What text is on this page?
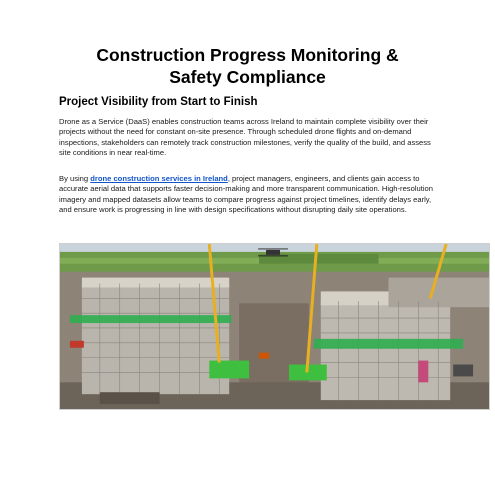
Construction Progress Monitoring &
Safety Compliance
Project Visibility from Start to Finish

Drone as a Service (DaaS) enables construction teams across Ireland to maintain complete visibility over their projects without the need for constant on-site presence. Through scheduled drone flights and on-demand inspections, stakeholders can remotely track construction milestones, verify the quality of the build, and assess site conditions in near real-time.

By using drone construction services in Ireland, project managers, engineers, and clients gain access to accurate aerial data that supports faster decision-making and more transparent communication. High-resolution imagery and mapped datasets allow teams to compare progress against project timelines, identify delays early, and ensure work is progressing in line with design specifications without disrupting daily site operations.
